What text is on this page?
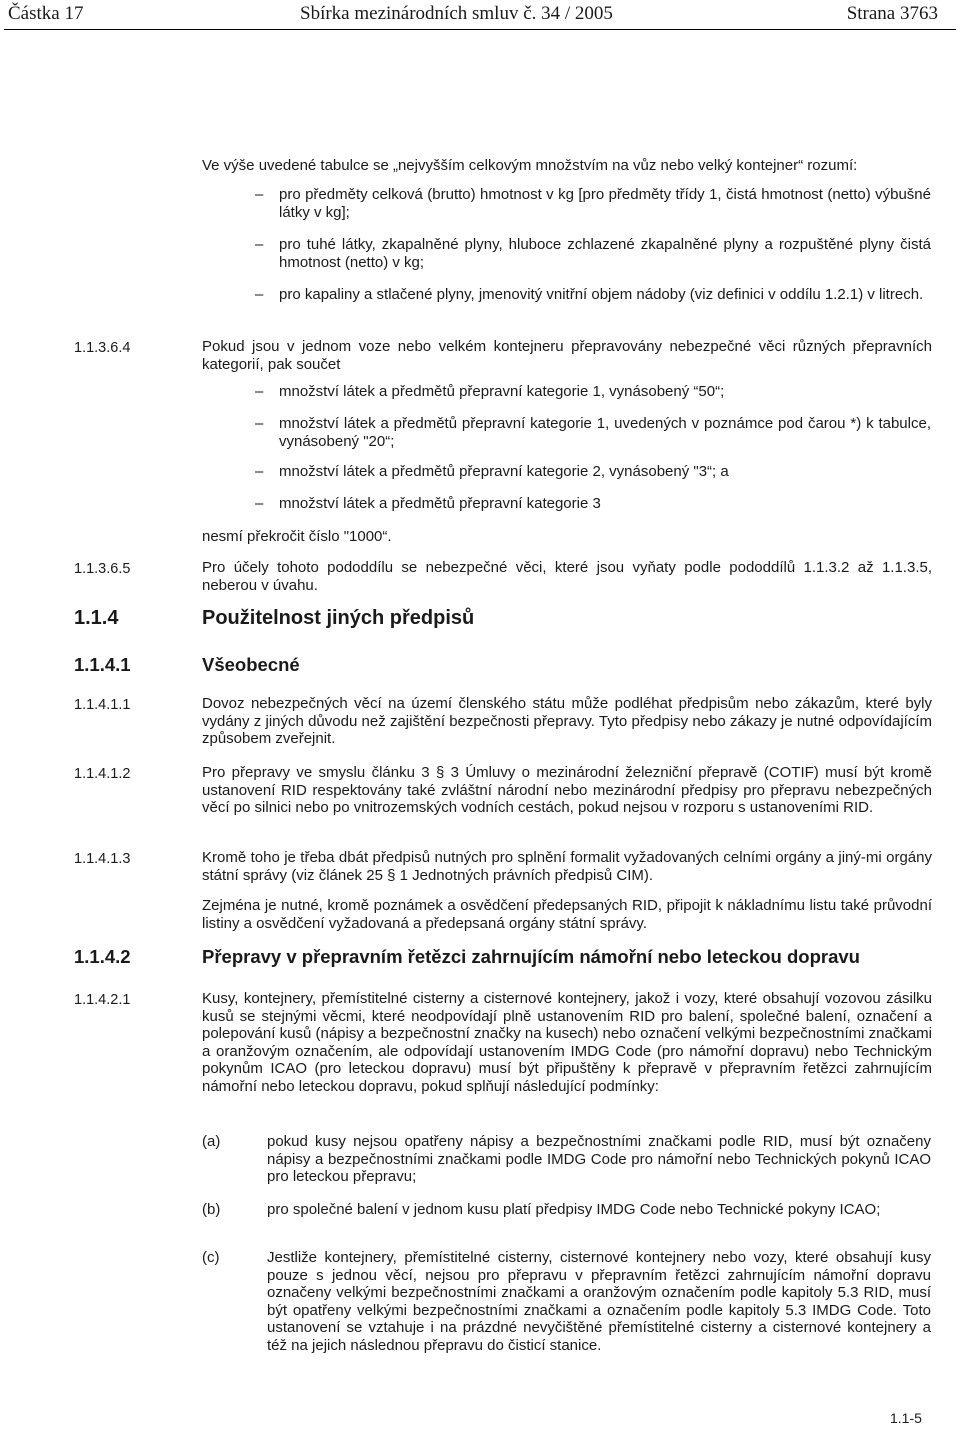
Částka 17	Sbírka mezinárodních smluv č. 34 / 2005	Strana 3763
Ve výše uvedené tabulce se „nejvyšším celkovým množstvím na vůz nebo velký kontejner“ rozumí:
– pro předměty celková (brutto) hmotnost v kg [pro předměty třídy 1, čistá hmotnost (netto) výbušné látky v kg];
– pro tuhé látky, zkapalněné plyny, hluboce zchlazené zkapalněné plyny a rozpuštěné plyny čistá hmotnost (netto) v kg;
– pro kapaliny a stlačené plyny, jmenovitý vnitřní objem nádoby (viz definici v oddílu 1.2.1) v litrech.
1.1.3.6.4	Pokud jsou v jednom voze nebo velkém kontejneru přepravovány nebezpečné věci různých přepravních kategorií, pak součet
– množství látek a předmětů přepravní kategorie 1, vynásobený “50“;
– množství látek a předmětů přepravní kategorie 1, uvedených v poznámce pod čarou *) k tabulce, vynásobený "20“;
– množství látek a předmětů přepravní kategorie 2, vynásobený "3“; a
– množství látek a předmětů přepravní kategorie 3
nesmí překročit číslo "1000“.
1.1.3.6.5	Pro účely tohoto pododdílu se nebezpečné věci, které jsou vyňaty podle pododdílů 1.1.3.2 až 1.1.3.5, neberou v úvahu.
1.1.4	Použitelnost jiných předpisů
1.1.4.1	Všeobecné
1.1.4.1.1	Dovoz nebezpečných věcí na území členského státu může podléhat předpisům nebo zákazům, které byly vydány z jiných důvodu než zajištění bezpečnosti přepravy. Tyto předpisy nebo zákazy je nutné odpovídajícím způsobem zveřejnit.
1.1.4.1.2	Pro přepravy ve smyslu článku 3 § 3 Úmluvy o mezinárodní železniční přepravě (COTIF) musí být kromě ustanovení RID respektovány také zvláštní národní nebo mezinárodní předpisy pro přepravu nebezpečných věcí po silnici nebo po vnitrozemských vodních cestách, pokud nejsou v rozporu s ustanoveními RID.
1.1.4.1.3	Kromě toho je třeba dbát předpisů nutných pro splnění formalit vyžadovaných celními orgány a jiný-mi orgány státní správy (viz článek 25 § 1 Jednotných právních předpisů CIM).
Zejména je nutné, kromě poznámek a osvědčení předepsaných RID, připojit k nákladnímu listu také průvodní listiny a osvědčení vyžadovaná a předepsaná orgány státní správy.
1.1.4.2	Přepravy v přepravním řetězci zahrnujícím námořní nebo leteckou dopravu
1.1.4.2.1	Kusy, kontejnery, přemístitelné cisterny a cisternové kontejnery, jakož i vozy, které obsahují vozovou zásilku kusů se stejnými věcmi, které neodpovídají plně ustanovením RID pro balení, společné balení, označení a polepování kusů (nápisy a bezpečnostní značky na kusech) nebo označení velkými bezpečnostními značkami a oranžovým označením, ale odpovídají ustanovením IMDG Code (pro námořní dopravu) nebo Technickým pokynům ICAO (pro leteckou dopravu) musí být připuštěny k přepravě v přepravním řetězci zahrnujícím námořní nebo leteckou dopravu, pokud splňují následující podmínky:
(a)	pokud kusy nejsou opatřeny nápisy a bezpečnostními značkami podle RID, musí být označeny nápisy a bezpečnostními značkami podle IMDG Code pro námořní nebo Technických pokynů ICAO pro leteckou přepravu;
(b)	pro společné balení v jednom kusu platí předpisy IMDG Code nebo Technické pokyny ICAO;
(c)	Jestliže kontejnery, přemístitelné cisterny, cisternové kontejnery nebo vozy, které obsahují kusy pouze s jednou věcí, nejsou pro přepravu v přepravním řetězci zahrnujícím námořní dopravu označeny velkými bezpečnostními značkami a oranžovým označením podle kapitoly 5.3 RID, musí být opatřeny velkými bezpečnostními značkami a označením podle kapitoly 5.3 IMDG Code. Toto ustanovení se vztahuje i na prázdné nevyčištěné přemístitelné cisterny a cisternové kontejnery a též na jejich následnou přepravu do čisticí stanice.
1.1-5
